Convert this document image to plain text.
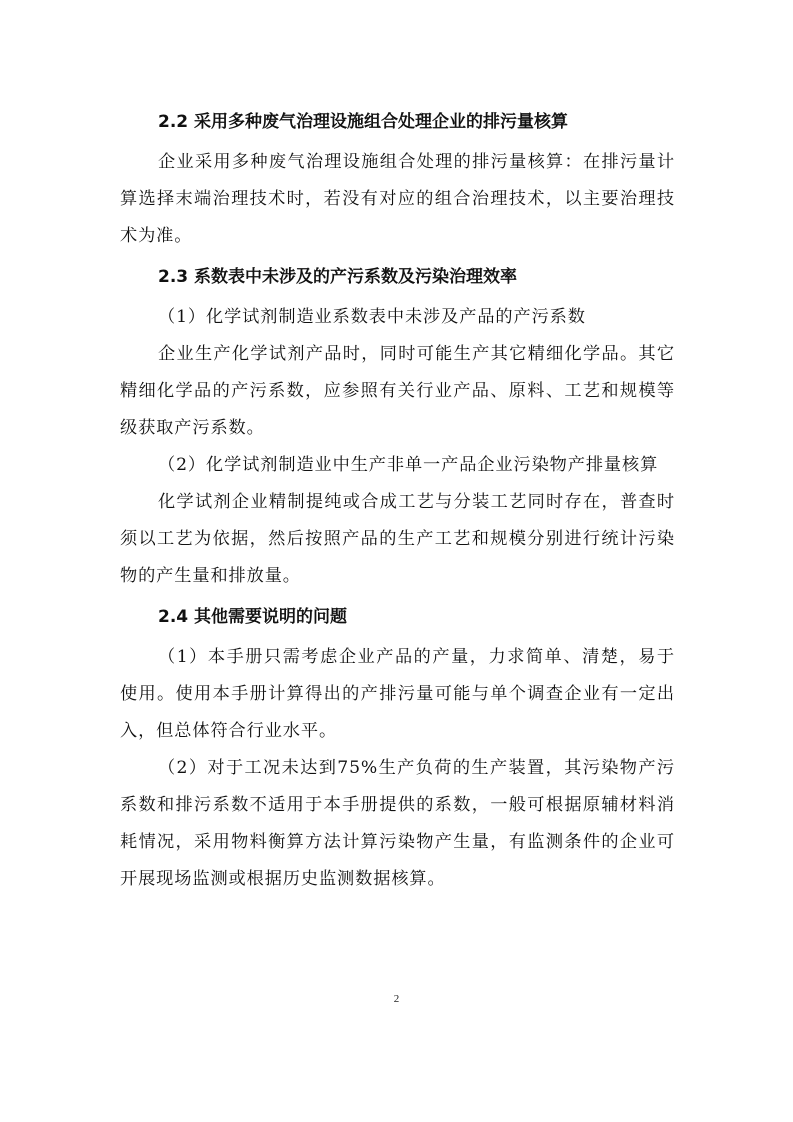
2.2 采用多种废气治理设施组合处理企业的排污量核算

企业采用多种废气治理设施组合处理的排污量核算：在排污量计算选择末端治理技术时，若没有对应的组合治理技术，以主要治理技术为准。

2.3 系数表中未涉及的产污系数及污染治理效率

（1）化学试剂制造业系数表中未涉及产品的产污系数

企业生产化学试剂产品时，同时可能生产其它精细化学品。其它精细化学品的产污系数，应参照有关行业产品、原料、工艺和规模等级获取产污系数。

（2）化学试剂制造业中生产非单一产品企业污染物产排量核算

化学试剂企业精制提纯或合成工艺与分装工艺同时存在，普查时须以工艺为依据，然后按照产品的生产工艺和规模分别进行统计污染物的产生量和排放量。

2.4 其他需要说明的问题

（1）本手册只需考虑企业产品的产量，力求简单、清楚，易于使用。使用本手册计算得出的产排污量可能与单个调查企业有一定出入，但总体符合行业水平。

（2）对于工况未达到75%生产负荷的生产装置，其污染物产污系数和排污系数不适用于本手册提供的系数，一般可根据原辅材料消耗情况，采用物料衡算方法计算污染物产生量，有监测条件的企业可开展现场监测或根据历史监测数据核算。

2
